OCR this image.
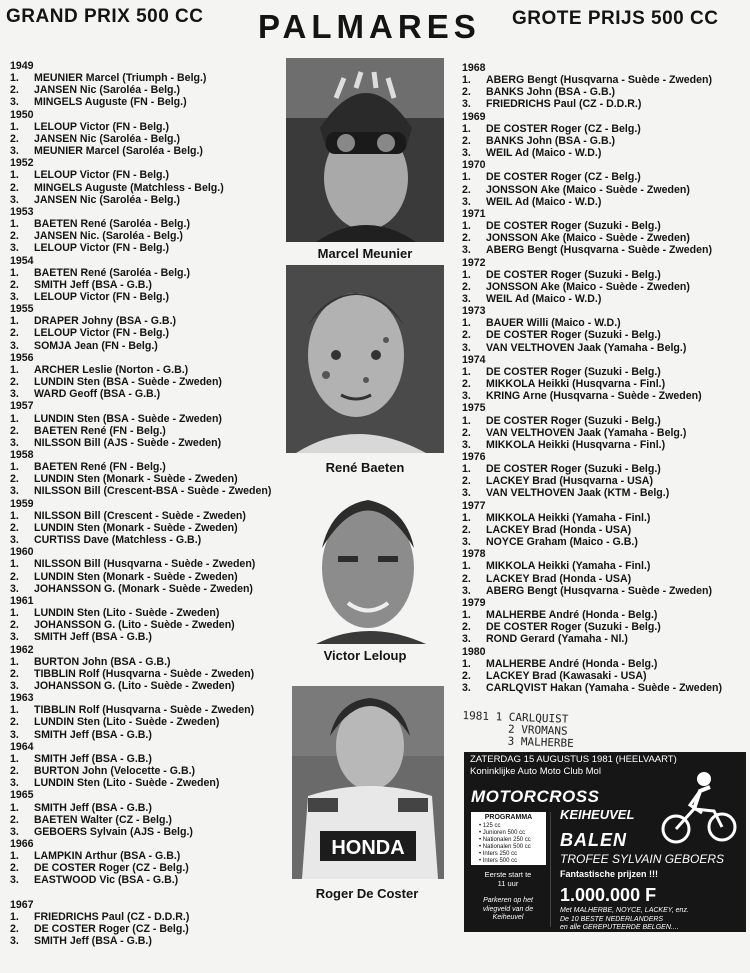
GRAND PRIX 500 CC PALMARES GROTE PRIJS 500 CC
1949
1. MEUNIER Marcel (Triumph - Belg.)
2. JANSEN Nic (Saroléa - Belg.)
3. MINGELS Auguste (FN - Belg.)
1950
1. LELOUP Victor (FN - Belg.)
2. JANSEN Nic (Saroléa - Belg.)
3. MEUNIER Marcel (Saroléa - Belg.)
1952
1. LELOUP Victor (FN - Belg.)
2. MINGELS Auguste (Matchless - Belg.)
3. JANSEN Nic (Saroléa - Belg.)
1953
1. BAETEN René (Saroléa - Belg.)
2. JANSEN Nic. (Saroléa - Belg.)
3. LELOUP Victor (FN - Belg.)
1954
1. BAETEN René (Saroléa - Belg.)
2. SMITH Jeff (BSA - G.B.)
3. LELOUP Victor (FN - Belg.)
1955
1. DRAPER Johny (BSA - G.B.)
2. LELOUP Victor (FN - Belg.)
3. SOMJA Jean (FN - Belg.)
1956
1. ARCHER Leslie (Norton - G.B.)
2. LUNDIN Sten (BSA - Suède - Zweden)
3. WARD Geoff (BSA - G.B.)
1957
1. LUNDIN Sten (BSA - Suède - Zweden)
2. BAETEN René (FN - Belg.)
3. NILSSON Bill (AJS - Suède - Zweden)
1958
1. BAETEN René (FN - Belg.)
2. LUNDIN Sten (Monark - Suède - Zweden)
3. NILSSON Bill (Crescent-BSA - Suède - Zweden)
1959
1. NILSSON Bill (Crescent - Suède - Zweden)
2. LUNDIN Sten (Monark - Suède - Zweden)
3. CURTISS Dave (Matchless - G.B.)
1960
1. NILSSON Bill (Husqvarna - Suède - Zweden)
2. LUNDIN Sten (Monark - Suède - Zweden)
3. JOHANSSON G. (Monark - Suède - Zweden)
1961
1. LUNDIN Sten (Lito - Suède - Zweden)
2. JOHANSSON G. (Lito - Suède - Zweden)
3. SMITH Jeff (BSA - G.B.)
1962
1. BURTON John (BSA - G.B.)
2. TIBBLIN Rolf (Husqvarna - Suède - Zweden)
3. JOHANSSON G. (Lito - Suède - Zweden)
1963
1. TIBBLIN Rolf (Husqvarna - Suède - Zweden)
2. LUNDIN Sten (Lito - Suède - Zweden)
3. SMITH Jeff (BSA - G.B.)
1964
1. SMITH Jeff (BSA - G.B.)
2. BURTON John (Velocette - G.B.)
3. LUNDIN Sten (Lito - Suède - Zweden)
1965
1. SMITH Jeff (BSA - G.B.)
2. BAETEN Walter (CZ - Belg.)
3. GEBOERS Sylvain (AJS - Belg.)
1966
1. LAMPKIN Arthur (BSA - G.B.)
2. DE COSTER Roger (CZ - Belg.)
3. EASTWOOD Vic (BSA - G.B.)
1967
1. FRIEDRICHS Paul (CZ - D.D.R.)
2. DE COSTER Roger (CZ - Belg.)
3. SMITH Jeff (BSA - G.B.)
1968
1. ABERG Bengt (Husqvarna - Suède - Zweden)
2. BANKS John (BSA - G.B.)
3. FRIEDRICHS Paul (CZ - D.D.R.)
1969
1. DE COSTER Roger (CZ - Belg.)
2. BANKS John (BSA - G.B.)
3. WEIL Ad (Maico - W.D.)
1970
1. DE COSTER Roger (CZ - Belg.)
2. JONSSON Ake (Maico - Suède - Zweden)
3. WEIL Ad (Maico - W.D.)
1971
1. DE COSTER Roger (Suzuki - Belg.)
2. JONSSON Ake (Maico - Suède - Zweden)
3. ABERG Bengt (Husqvarna - Suède - Zweden)
1972
1. DE COSTER Roger (Suzuki - Belg.)
2. JONSSON Ake (Maico - Suède - Zweden)
3. WEIL Ad (Maico - W.D.)
1973
1. BAUER Willi (Maico - W.D.)
2. DE COSTER Roger (Suzuki - Belg.)
3. VAN VELTHOVEN Jaak (Yamaha - Belg.)
1974
1. DE COSTER Roger (Suzuki - Belg.)
2. MIKKOLA Heikki (Husqvarna - Finl.)
3. KRING Arne (Husqvarna - Suède - Zweden)
1975
1. DE COSTER Roger (Suzuki - Belg.)
2. VAN VELTHOVEN Jaak (Yamaha - Belg.)
3. MIKKOLA Heikki (Husqvarna - Finl.)
1976
1. DE COSTER Roger (Suzuki - Belg.)
2. LACKEY Brad (Husqvarna - USA)
3. VAN VELTHOVEN Jaak (KTM - Belg.)
1977
1. MIKKOLA Heikki (Yamaha - Finl.)
2. LACKEY Brad (Honda - USA)
3. NOYCE Graham (Maico - G.B.)
1978
1. MIKKOLA Heikki (Yamaha - Finl.)
2. LACKEY Brad (Honda - USA)
3. ABERG Bengt (Husqvarna - Suède - Zweden)
1979
1. MALHERBE André (Honda - Belg.)
2. DE COSTER Roger (Suzuki - Belg.)
3. ROND Gerard (Yamaha - Nl.)
1980
1. MALHERBE André (Honda - Belg.)
2. LACKEY Brad (Kawasaki - USA)
3. CARLQVIST Hakan (Yamaha - Suède - Zweden)
Marcel Meunier
René Baeten
Victor Leloup
HONDA
Roger De Coster
1981 1 CARLQUIST
2 VROMANS
3 MALHERBE
ZATERDAG 15 AUGUSTUS 1981 (HEELVAART)
Koninklijke Auto Moto Club Mol
MOTORCROSS
KEIHEUVEL
BALEN
TROFEE SYLVAIN GEBOERS
Fantastische prijzen !!!
1.000.000 F
Met MALHERBE, NOYCE, LACKEY, enz.
De 10 BESTE NEDERLANDERS
en alle GEREPUTEERDE BELGEN....
PROGRAMMA
• 125 cc
• Junioren 500 cc
• Nationalen 250 cc
• Nationalen 500 cc
• Inters 250 cc
• Inters 500 cc
Eerste start te
11 uur
Parkeren op het
vliegveld van de
Keiheuvel
